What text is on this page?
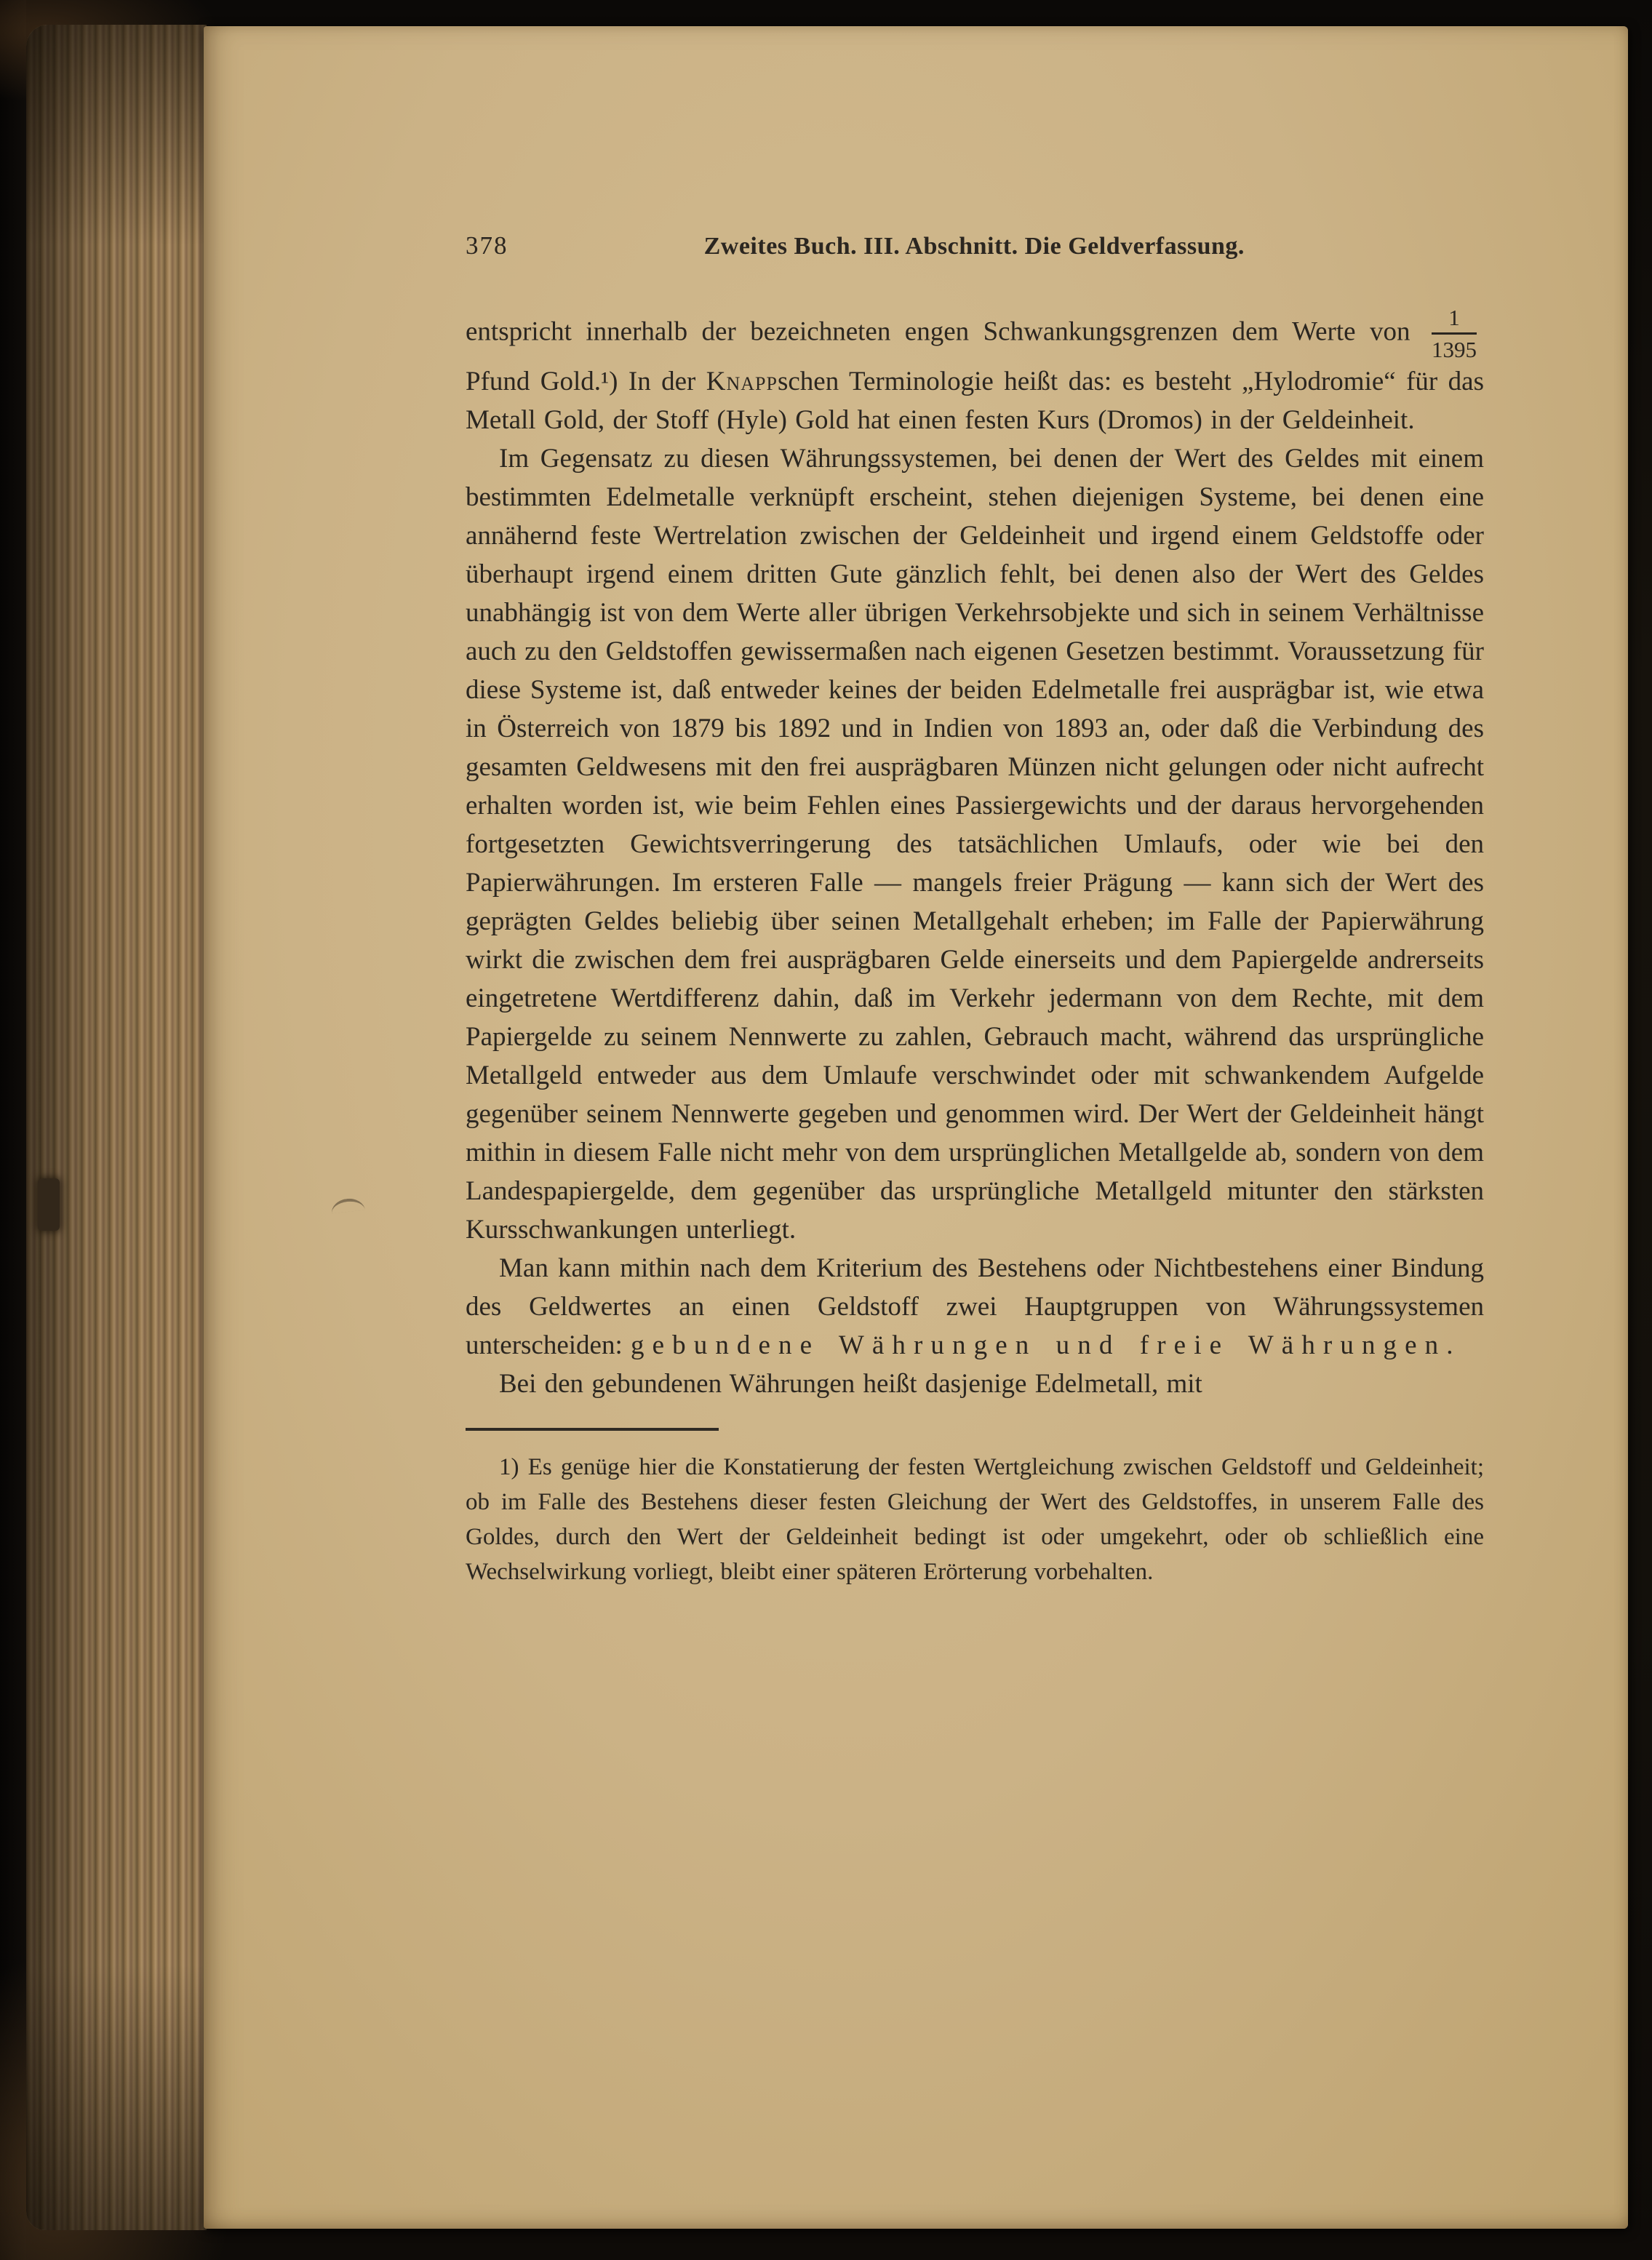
378	Zweites Buch. III. Abschnitt. Die Geldverfassung.

entspricht innerhalb der bezeichneten engen Schwankungsgrenzen dem Werte von $\frac{1}{1395}$
Pfund Gold.¹) In der Knappschen Terminologie heißt das: es besteht „Hylodromie“ für das Metall Gold, der Stoff (Hyle) Gold hat einen festen Kurs (Dromos) in der Geldeinheit.

Im Gegensatz zu diesen Währungssystemen, bei denen der Wert des Geldes mit einem bestimmten Edelmetalle verknüpft erscheint, stehen diejenigen Systeme, bei denen eine annähernd feste Wertrelation zwischen der Geldeinheit und irgend einem Geldstoffe oder überhaupt irgend einem dritten Gute gänzlich fehlt, bei denen also der Wert des Geldes unabhängig ist von dem Werte aller übrigen Verkehrsobjekte und sich in seinem Verhältnisse auch zu den Geldstoffen gewissermaßen nach eigenen Gesetzen bestimmt. Voraussetzung für diese Systeme ist, daß entweder keines der beiden Edelmetalle frei ausprägbar ist, wie etwa in Österreich von 1879 bis 1892 und in Indien von 1893 an, oder daß die Verbindung des gesamten Geldwesens mit den frei ausprägbaren Münzen nicht gelungen oder nicht aufrecht erhalten worden ist, wie beim Fehlen eines Passiergewichts und der daraus hervorgehenden fortgesetzten Gewichtsverringerung des tatsächlichen Umlaufs, oder wie bei den Papierwährungen. Im ersteren Falle — mangels freier Prägung — kann sich der Wert des geprägten Geldes beliebig über seinen Metallgehalt erheben; im Falle der Papierwährung wirkt die zwischen dem frei ausprägbaren Gelde einerseits und dem Papiergelde andrerseits eingetretene Wertdifferenz dahin, daß im Verkehr jedermann von dem Rechte, mit dem Papiergelde zu seinem Nennwerte zu zahlen, Gebrauch macht, während das ursprüngliche Metallgeld entweder aus dem Umlaufe verschwindet oder mit schwankendem Aufgelde gegenüber seinem Nennwerte gegeben und genommen wird. Der Wert der Geldeinheit hängt mithin in diesem Falle nicht mehr von dem ursprünglichen Metallgelde ab, sondern von dem Landespapiergelde, dem gegenüber das ursprüngliche Metallgeld mitunter den stärksten Kursschwankungen unterliegt.

Man kann mithin nach dem Kriterium des Bestehens oder Nichtbestehens einer Bindung des Geldwertes an einen Geldstoff zwei Hauptgruppen von Währungssystemen unterscheiden: gebundene Währungen und freie Währungen.

Bei den gebundenen Währungen heißt dasjenige Edelmetall, mit

1) Es genüge hier die Konstatierung der festen Wertgleichung zwischen Geldstoff und Geldeinheit; ob im Falle des Bestehens dieser festen Gleichung der Wert des Geldstoffes, in unserem Falle des Goldes, durch den Wert der Geldeinheit bedingt ist oder umgekehrt, oder ob schließlich eine Wechselwirkung vorliegt, bleibt einer späteren Erörterung vorbehalten.
